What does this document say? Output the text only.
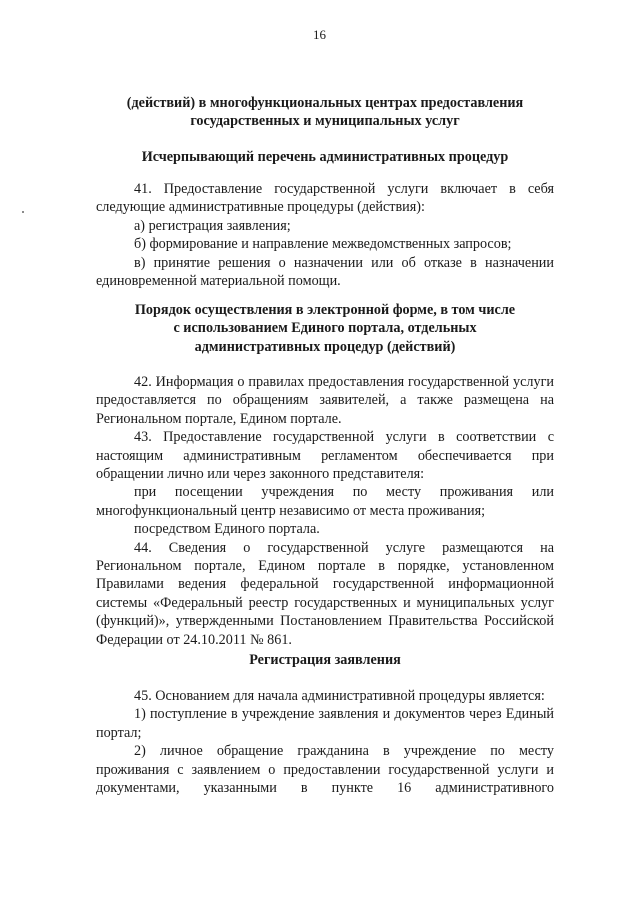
16

(действий) в многофункциональных центрах предоставления

государственных и муниципальных услуг

Исчерпывающий перечень административных процедур

41. Предоставление государственной услуги включает в себя следующие административные процедуры (действия):

а) регистрация заявления;

б) формирование и направление межведомственных запросов;

в) принятие решения о назначении или об отказе в назначении единовременной материальной помощи.

Порядок осуществления в электронной форме, в том числе

с использованием Единого портала, отдельных

административных процедур (действий)

42. Информация о правилах предоставления государственной услуги предоставляется по обращениям заявителей, а также размещена на Региональном портале, Едином портале.

43. Предоставление государственной услуги в соответствии с настоящим административным регламентом обеспечивается при обращении лично или через законного представителя:

при посещении учреждения по месту проживания или многофункциональный центр независимо от места проживания;

посредством Единого портала.

44. Сведения о государственной услуге размещаются на Региональном портале, Едином портале в порядке, установленном Правилами ведения федеральной государственной информационной системы «Федеральный реестр государственных и муниципальных услуг (функций)», утвержденными Постановлением Правительства Российской Федерации от 24.10.2011 № 861.

Регистрация заявления

45. Основанием для начала административной процедуры является:

1) поступление в учреждение заявления и документов через Единый портал;

2) личное обращение гражданина в учреждение по месту проживания с заявлением о предоставлении государственной услуги и документами, указанными в пункте 16 административного
